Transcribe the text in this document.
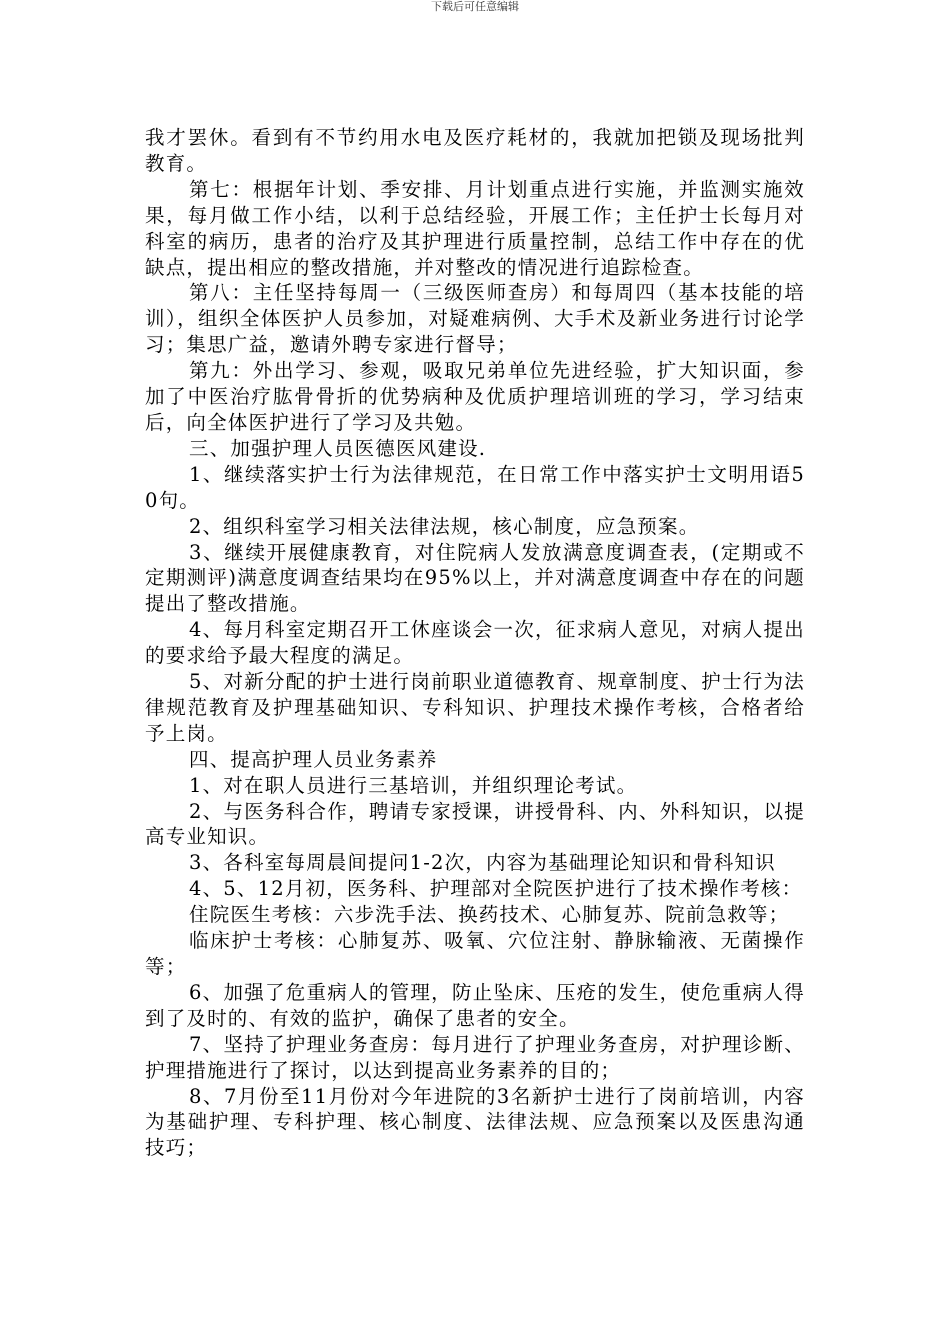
下载后可任意编辑

我才罢休。看到有不节约用水电及医疗耗材的，我就加把锁及现场批判教育。

第七：根据年计划、季安排、月计划重点进行实施，并监测实施效果，每月做工作小结，以利于总结经验，开展工作；主任护士长每月对科室的病历，患者的治疗及其护理进行质量控制，总结工作中存在的优缺点，提出相应的整改措施，并对整改的情况进行追踪检查。

第八：主任坚持每周一（三级医师查房）和每周四（基本技能的培训），组织全体医护人员参加，对疑难病例、大手术及新业务进行讨论学习；集思广益，邀请外聘专家进行督导；

第九：外出学习、参观，吸取兄弟单位先进经验，扩大知识面，参加了中医治疗肱骨骨折的优势病种及优质护理培训班的学习，学习结束后，向全体医护进行了学习及共勉。

三、加强护理人员医德医风建设.

1、继续落实护士行为法律规范，在日常工作中落实护士文明用语50句。

2、组织科室学习相关法律法规，核心制度，应急预案。

3、继续开展健康教育，对住院病人发放满意度调查表，(定期或不定期测评)满意度调查结果均在95%以上，并对满意度调查中存在的问题提出了整改措施。

4、每月科室定期召开工休座谈会一次，征求病人意见，对病人提出的要求给予最大程度的满足。

5、对新分配的护士进行岗前职业道德教育、规章制度、护士行为法律规范教育及护理基础知识、专科知识、护理技术操作考核，合格者给予上岗。

四、提高护理人员业务素养

1、对在职人员进行三基培训，并组织理论考试。

2、与医务科合作，聘请专家授课，讲授骨科、内、外科知识，以提高专业知识。

3、各科室每周晨间提问1-2次，内容为基础理论知识和骨科知识

4、5、12月初，医务科、护理部对全院医护进行了技术操作考核：

住院医生考核：六步洗手法、换药技术、心肺复苏、院前急救等；

临床护士考核：心肺复苏、吸氧、穴位注射、静脉输液、无菌操作等；

6、加强了危重病人的管理，防止坠床、压疮的发生，使危重病人得到了及时的、有效的监护，确保了患者的安全。

7、坚持了护理业务查房：每月进行了护理业务查房，对护理诊断、护理措施进行了探讨，以达到提高业务素养的目的；

8、7月份至11月份对今年进院的3名新护士进行了岗前培训，内容为基础护理、专科护理、核心制度、法律法规、应急预案以及医患沟通技巧；
